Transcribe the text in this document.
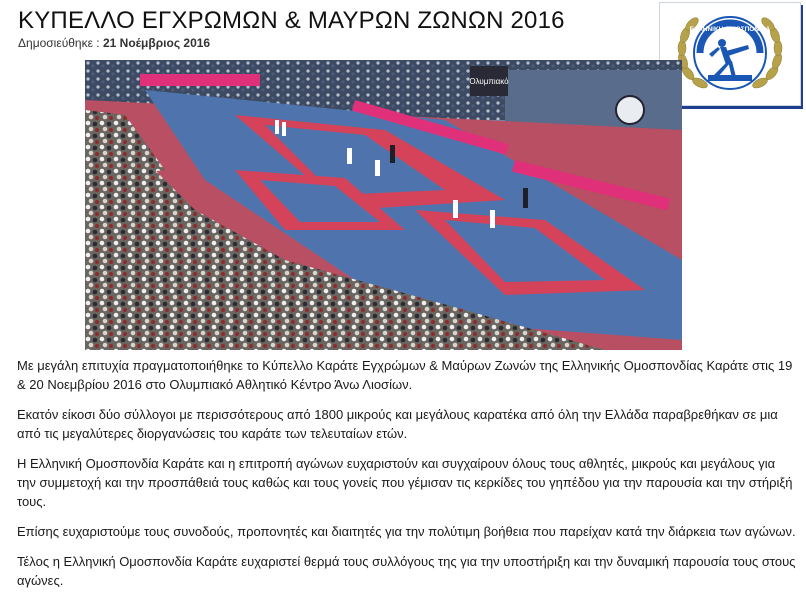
ΚΥΠΕΛΛΟ ΕΓΧΡΩΜΩΝ & ΜΑΥΡΩΝ ΖΩΝΩΝ 2016
Δημοσιεύθηκε : 21 Νοέμβριος 2016
ΕΛΛΗΝΙΚΗ ΟΜΟΣΠΟΝΔΙΑ
Ολυμπιακό

Με μεγάλη επιτυχία πραγματοποιήθηκε το Κύπελλο Καράτε Εγχρώμων & Μαύρων Ζωνών της Ελληνικής Ομοσπονδίας Καράτε στις 19 & 20 Νοεμβρίου 2016 στο Ολυμπιακό Αθλητικό Κέντρο Άνω Λιοσίων.

Εκατόν είκοσι δύο σύλλογοι με περισσότερους από 1800 μικρούς και μεγάλους καρατέκα από όλη την Ελλάδα παραβρεθήκαν σε μια από τις μεγαλύτερες διοργανώσεις του καράτε των τελευταίων ετών.

Η Ελληνική Ομοσπονδία Καράτε και η επιτροπή αγώνων ευχαριστούν και συγχαίρουν όλους τους αθλητές, μικρούς και μεγάλους για την συμμετοχή και την προσπάθειά τους καθώς και τους γονείς που γέμισαν τις κερκίδες του γηπέδου για την παρουσία και την στήριξή τους.

Επίσης ευχαριστούμε τους συνοδούς, προπονητές και διαιτητές για την πολύτιμη βοήθεια που παρείχαν κατά την διάρκεια των αγώνων.

Τέλος η Ελληνική Ομοσπονδία Καράτε ευχαριστεί θερμά τους συλλόγους της για την υποστήριξη και την δυναμική παρουσία τους στους αγώνες.
